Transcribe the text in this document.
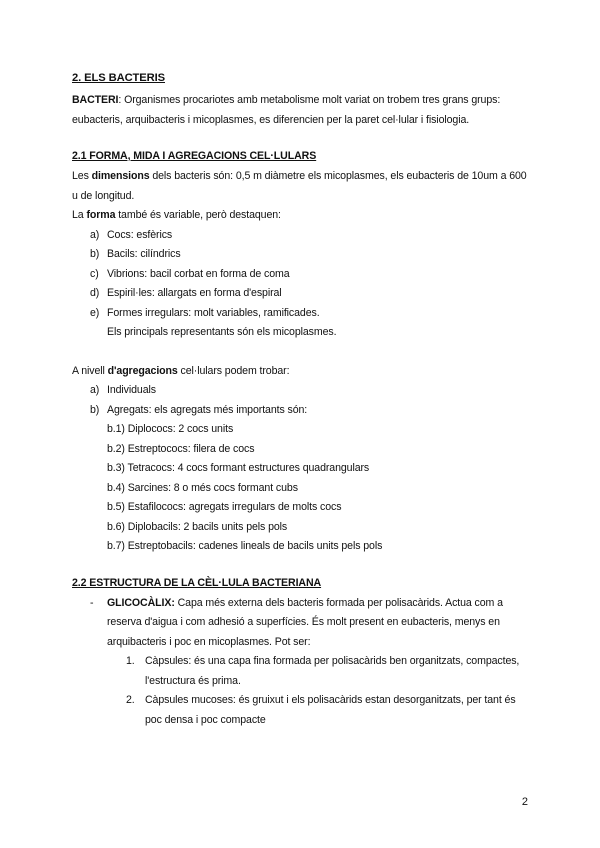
2. ELS BACTERIS

BACTERI: Organismes procariotes amb metabolisme molt variat on trobem tres grans grups: eubacteris, arquibacteris i micoplasmes, es diferencien per la paret cel·lular i fisiologia.

2.1 FORMA, MIDA I AGREGACIONS CEL·LULARS

Les dimensions dels bacteris són: 0,5 m diàmetre els micoplasmes, els eubacteris de 10um a 600 u de longitud.

La forma també és variable, però destaquen:

a) Cocs: esfèrics
b) Bacils: cilíndrics
c) Vibrions: bacil corbat en forma de coma
d) Espiril·les: allargats en forma d'espiral
e) Formes irregulars: molt variables, ramificades.
Els principals representants són els micoplasmes.

A nivell d'agregacions cel·lulars podem trobar:

a) Individuals
b) Agregats: els agregats més importants són:
b.1) Diplococs: 2 cocs units
b.2) Estreptococs: filera de cocs
b.3) Tetracocs: 4 cocs formant estructures quadrangulars
b.4) Sarcines: 8 o més cocs formant cubs
b.5) Estafilococs: agregats irregulars de molts cocs
b.6) Diplobacils: 2 bacils units pels pols
b.7) Estreptobacils: cadenes lineals de bacils units pels pols
2.2 ESTRUCTURA DE LA CÈL·LULA BACTERIANA
-	GLICOCÀLIX: Capa més externa dels bacteris formada per polisacàrids. Actua com a reserva d'aigua i com adhesió a superfícies. És molt present en eubacteris, menys en arquibacteris i poc en micoplasmes. Pot ser:
1. Càpsules: és una capa fina formada per polisacàrids ben organitzats, compactes, l'estructura és prima.
2. Càpsules mucoses: és gruixut i els polisacàrids estan desorganitzats, per tant és poc densa i poc compacte
2
